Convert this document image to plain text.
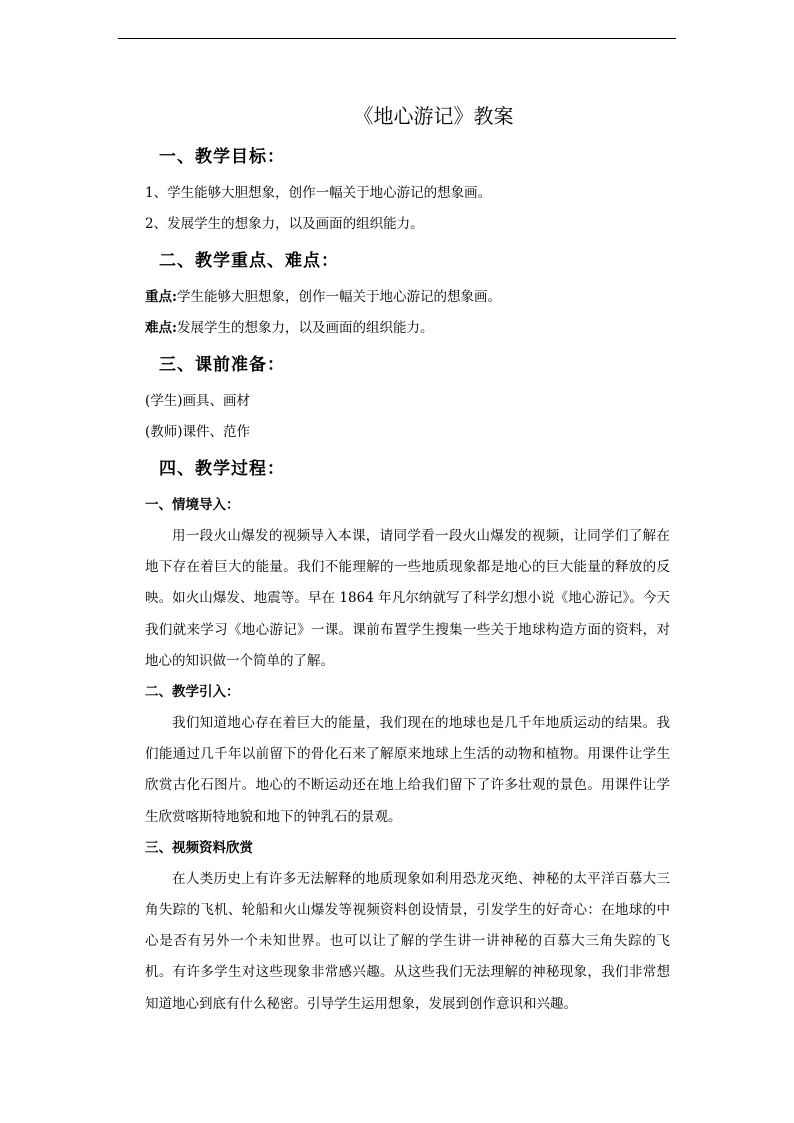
《地心游记》教案
一、教学目标：

1、学生能够大胆想象，创作一幅关于地心游记的想象画。

2、发展学生的想象力，以及画面的组织能力。

二、教学重点、难点：

重点:学生能够大胆想象，创作一幅关于地心游记的想象画。

难点:发展学生的想象力，以及画面的组织能力。

三、课前准备：

(学生)画具、画材

(教师)课件、范作

四、教学过程：
一、情境导入：

用一段火山爆发的视频导入本课，请同学看一段火山爆发的视频，让同学们了解在地下存在着巨大的能量。我们不能理解的一些地质现象都是地心的巨大能量的释放的反映。如火山爆发、地震等。早在 1864 年凡尔纳就写了科学幻想小说《地心游记》。今天我们就来学习《地心游记》一课。课前布置学生搜集一些关于地球构造方面的资料，对地心的知识做一个简单的了解。

二、教学引入：

我们知道地心存在着巨大的能量，我们现在的地球也是几千年地质运动的结果。我们能通过几千年以前留下的骨化石来了解原来地球上生活的动物和植物。用课件让学生欣赏古化石图片。地心的不断运动还在地上给我们留下了许多壮观的景色。用课件让学生欣赏喀斯特地貌和地下的钟乳石的景观。

三、视频资料欣赏

在人类历史上有许多无法解释的地质现象如利用恐龙灭绝、神秘的太平洋百慕大三角失踪的飞机、轮船和火山爆发等视频资料创设情景，引发学生的好奇心：在地球的中心是否有另外一个未知世界。也可以让了解的学生讲一讲神秘的百慕大三角失踪的飞机。有许多学生对这些现象非常感兴趣。从这些我们无法理解的神秘现象，我们非常想知道地心到底有什么秘密。引导学生运用想象，发展到创作意识和兴趣。
